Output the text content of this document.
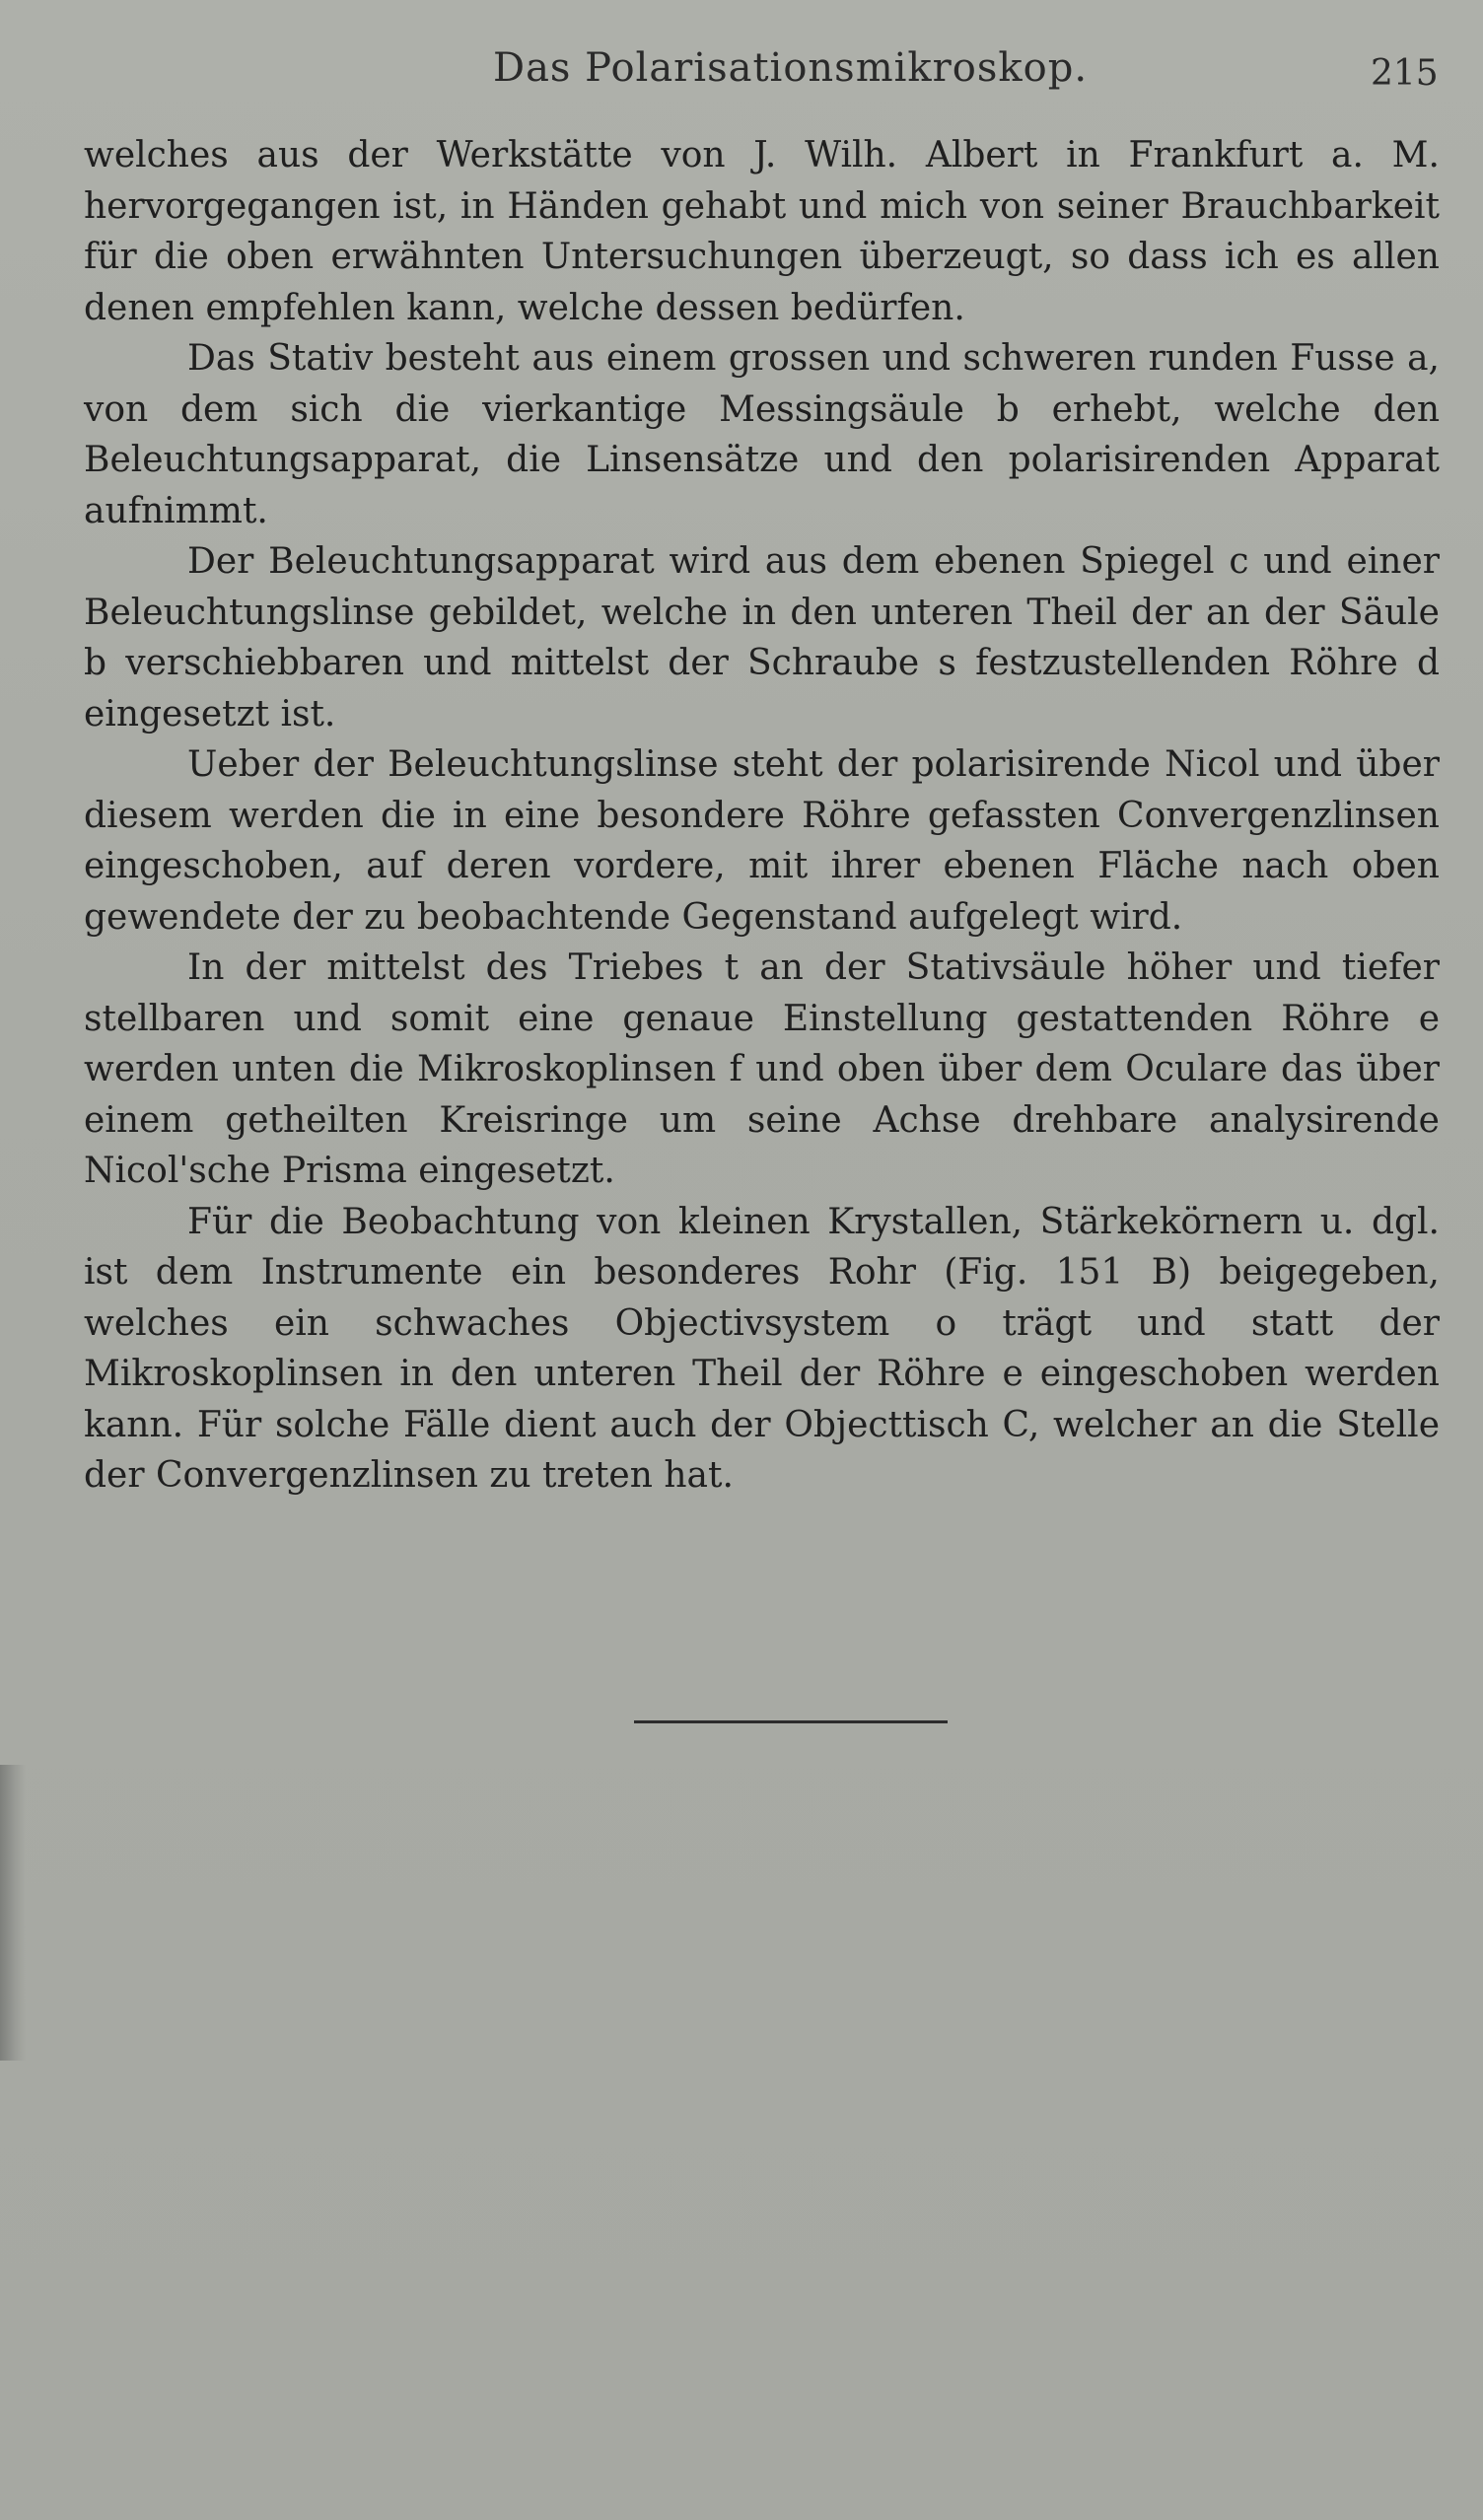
Das Polarisationsmikroskop.	215

welches aus der Werkstätte von J. Wilh. Albert in Frankfurt a. M. hervorgegangen ist, in Händen gehabt und mich von seiner Brauchbarkeit für die oben erwähnten Untersuchungen überzeugt, so dass ich es allen denen empfehlen kann, welche dessen bedürfen.

Das Stativ besteht aus einem grossen und schweren runden Fusse a, von dem sich die vierkantige Messingsäule b erhebt, welche den Beleuchtungsapparat, die Linsensätze und den polarisirenden Apparat aufnimmt.

Der Beleuchtungsapparat wird aus dem ebenen Spiegel c und einer Beleuchtungslinse gebildet, welche in den unteren Theil der an der Säule b verschiebbaren und mittelst der Schraube s festzustellenden Röhre d eingesetzt ist.

Ueber der Beleuchtungslinse steht der polarisirende Nicol und über diesem werden die in eine besondere Röhre gefassten Convergenzlinsen eingeschoben, auf deren vordere, mit ihrer ebenen Fläche nach oben gewendete der zu beobachtende Gegenstand aufgelegt wird.

In der mittelst des Triebes t an der Stativsäule höher und tiefer stellbaren und somit eine genaue Einstellung gestattenden Röhre e werden unten die Mikroskoplinsen f und oben über dem Oculare das über einem getheilten Kreisringe um seine Achse drehbare analysirende Nicol'sche Prisma eingesetzt.

Für die Beobachtung von kleinen Krystallen, Stärkekörnern u. dgl. ist dem Instrumente ein besonderes Rohr (Fig. 151 B) beigegeben, welches ein schwaches Objectivsystem o trägt und statt der Mikroskoplinsen in den unteren Theil der Röhre e eingeschoben werden kann. Für solche Fälle dient auch der Objecttisch C, welcher an die Stelle der Convergenzlinsen zu treten hat.
